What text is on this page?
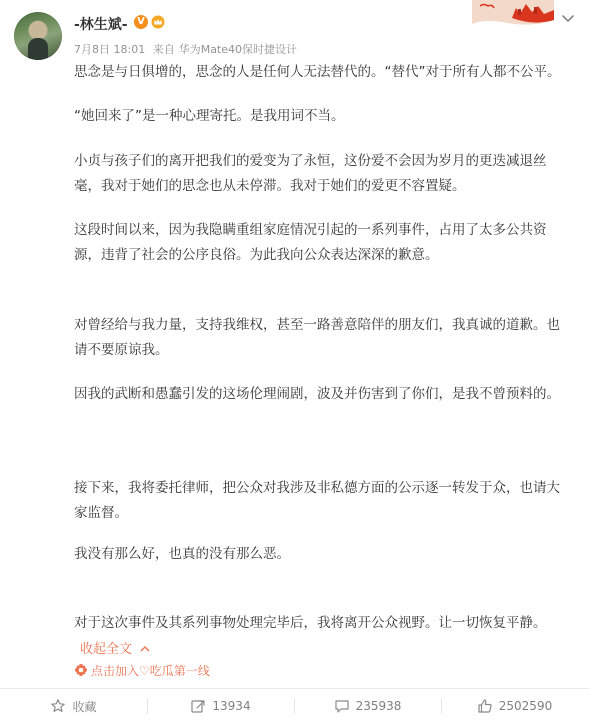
-林生斌- V
7月8日 18:01 来自 华为Mate40保时捷设计

思念是与日俱增的，思念的人是任何人无法替代的。“替代”对于所有人都不公平。

“她回来了”是一种心理寄托。是我用词不当。

小贞与孩子们的离开把我们的爱变为了永恒，这份爱不会因为岁月的更迭减退丝毫，我对于她们的思念也从未停滞。我对于她们的爱更不容置疑。

这段时间以来，因为我隐瞒重组家庭情况引起的一系列事件，占用了太多公共资源，违背了社会的公序良俗。为此我向公众表达深深的歉意。

对曾经给与我力量，支持我维权，甚至一路善意陪伴的朋友们，我真诚的道歉。也请不要原谅我。

因我的武断和愚蠢引发的这场伦理闹剧，波及并伤害到了你们，是我不曾预料的。

接下来，我将委托律师，把公众对我涉及非私德方面的公示逐一转发于众，也请大家监督。

我没有那么好，也真的没有那么恶。

对于这次事件及其系列事物处理完毕后，我将离开公众视野。让一切恢复平静。

收起全文
点击加入♡吃瓜第一线
收藏	13934	235938	2502590
